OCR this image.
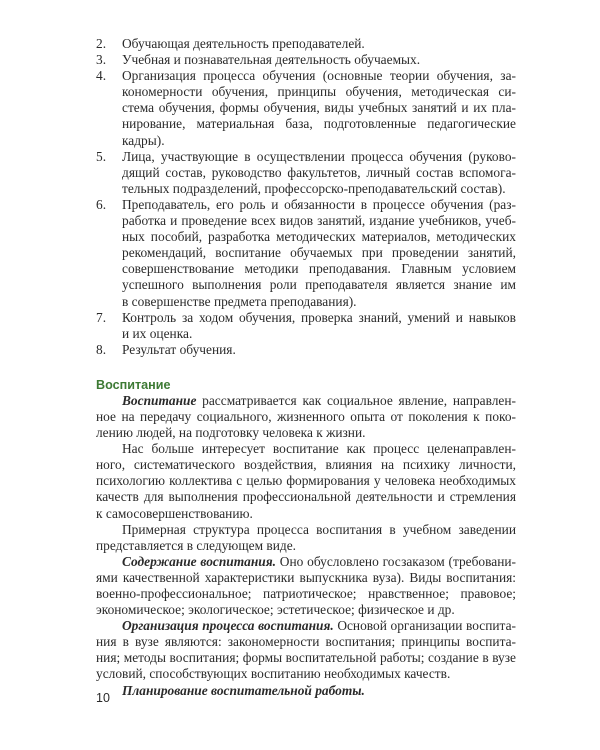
2.	Обучающая деятельность преподавателей.
3.	Учебная и познавательная деятельность обучаемых.
4.	Организация процесса обучения (основные теории обучения, за-
кономерности обучения, принципы обучения, методическая си-
стема обучения, формы обучения, виды учебных занятий и их пла-
нирование, материальная база, подготовленные педагогические
кадры).
5.	Лица, участвующие в осуществлении процесса обучения (руково-
дящий состав, руководство факультетов, личный состав вспомога-
тельных подразделений, профессорско-преподавательский состав).
6.	Преподаватель, его роль и обязанности в процессе обучения (раз-
работка и проведение всех видов занятий, издание учебников, учеб-
ных пособий, разработка методических материалов, методических
рекомендаций, воспитание обучаемых при проведении занятий,
совершенствование методики преподавания. Главным условием
успешного выполнения роли преподавателя является знание им
в совершенстве предмета преподавания).
7.	Контроль за ходом обучения, проверка знаний, умений и навыков
и их оценка.
8.	Результат обучения.
Воспитание
Воспитание рассматривается как социальное явление, направлен-
ное на передачу социального, жизненного опыта от поколения к поко-
лению людей, на подготовку человека к жизни.
Нас больше интересует воспитание как процесс целенаправлен-
ного, систематического воздействия, влияния на психику личности,
психологию коллектива с целью формирования у человека необходимых
качеств для выполнения профессиональной деятельности и стремления
к самосовершенствованию.
Примерная структура процесса воспитания в учебном заведении
представляется в следующем виде.
Содержание воспитания. Оно обусловлено госзаказом (требовани-
ями качественной характеристики выпускника вуза). Виды воспитания:
военно-профессиональное; патриотическое; нравственное; правовое;
экономическое; экологическое; эстетическое; физическое и др.
Организация процесса воспитания. Основой организации воспита-
ния в вузе являются: закономерности воспитания; принципы воспита-
ния; методы воспитания; формы воспитательной работы; создание в вузе
условий, способствующих воспитанию необходимых качеств.
Планирование воспитательной работы.
10
